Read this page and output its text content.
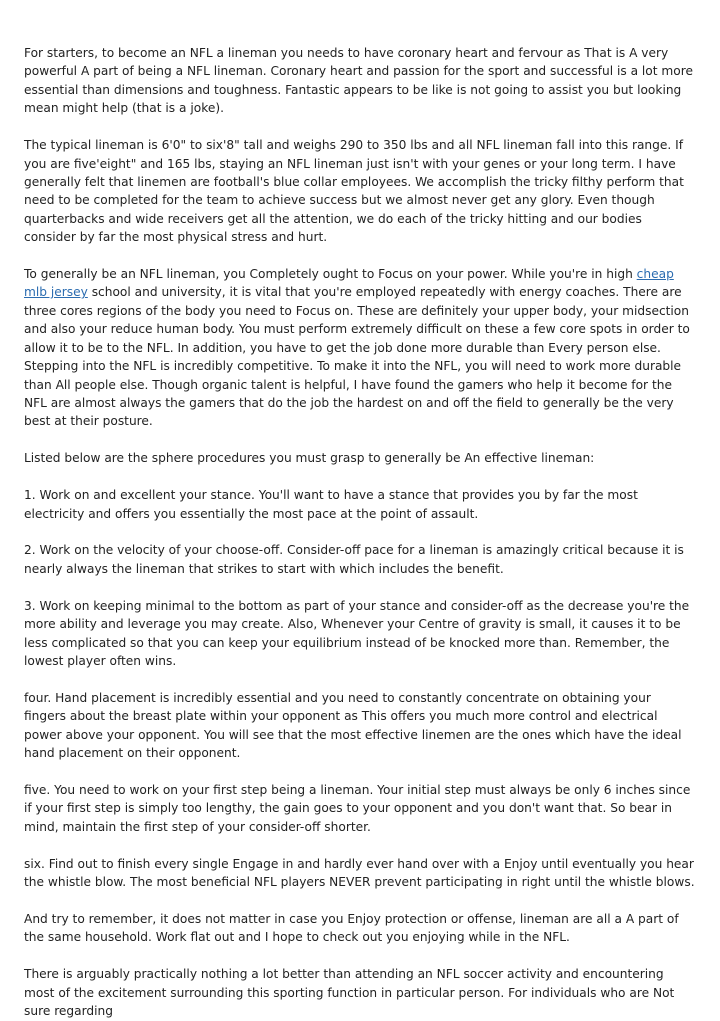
For starters, to become an NFL a lineman you needs to have coronary heart and fervour as That is A very powerful A part of being a NFL lineman. Coronary heart and passion for the sport and successful is a lot more essential than dimensions and toughness. Fantastic appears to be like is not going to assist you but looking mean might help (that is a joke).

The typical lineman is 6'0" to six'8" tall and weighs 290 to 350 lbs and all NFL lineman fall into this range. If you are five'eight" and 165 lbs, staying an NFL lineman just isn't with your genes or your long term. I have generally felt that linemen are football's blue collar employees. We accomplish the tricky filthy perform that need to be completed for the team to achieve success but we almost never get any glory. Even though quarterbacks and wide receivers get all the attention, we do each of the tricky hitting and our bodies consider by far the most physical stress and hurt.

To generally be an NFL lineman, you Completely ought to Focus on your power. While you're in high cheap mlb jersey school and university, it is vital that you're employed repeatedly with energy coaches. There are three cores regions of the body you need to Focus on. These are definitely your upper body, your midsection and also your reduce human body. You must perform extremely difficult on these a few core spots in order to allow it to be to the NFL. In addition, you have to get the job done more durable than Every person else. Stepping into the NFL is incredibly competitive. To make it into the NFL, you will need to work more durable than All people else. Though organic talent is helpful, I have found the gamers who help it become for the NFL are almost always the gamers that do the job the hardest on and off the field to generally be the very best at their posture.

Listed below are the sphere procedures you must grasp to generally be An effective lineman:

1. Work on and excellent your stance. You'll want to have a stance that provides you by far the most electricity and offers you essentially the most pace at the point of assault.

2. Work on the velocity of your choose-off. Consider-off pace for a lineman is amazingly critical because it is nearly always the lineman that strikes to start with which includes the benefit.

3. Work on keeping minimal to the bottom as part of your stance and consider-off as the decrease you're the more ability and leverage you may create. Also, Whenever your Centre of gravity is small, it causes it to be less complicated so that you can keep your equilibrium instead of be knocked more than. Remember, the lowest player often wins.

four. Hand placement is incredibly essential and you need to constantly concentrate on obtaining your fingers about the breast plate within your opponent as This offers you much more control and electrical power above your opponent. You will see that the most effective linemen are the ones which have the ideal hand placement on their opponent.

five. You need to work on your first step being a lineman. Your initial step must always be only 6 inches since if your first step is simply too lengthy, the gain goes to your opponent and you don't want that. So bear in mind, maintain the first step of your consider-off shorter.

six. Find out to finish every single Engage in and hardly ever hand over with a Enjoy until eventually you hear the whistle blow. The most beneficial NFL players NEVER prevent participating in right until the whistle blows.

And try to remember, it does not matter in case you Enjoy protection or offense, lineman are all a A part of the same household. Work flat out and I hope to check out you enjoying while in the NFL.

There is arguably practically nothing a lot better than attending an NFL soccer activity and encountering most of the excitement surrounding this sporting function in particular person. For individuals who are Not sure regarding
